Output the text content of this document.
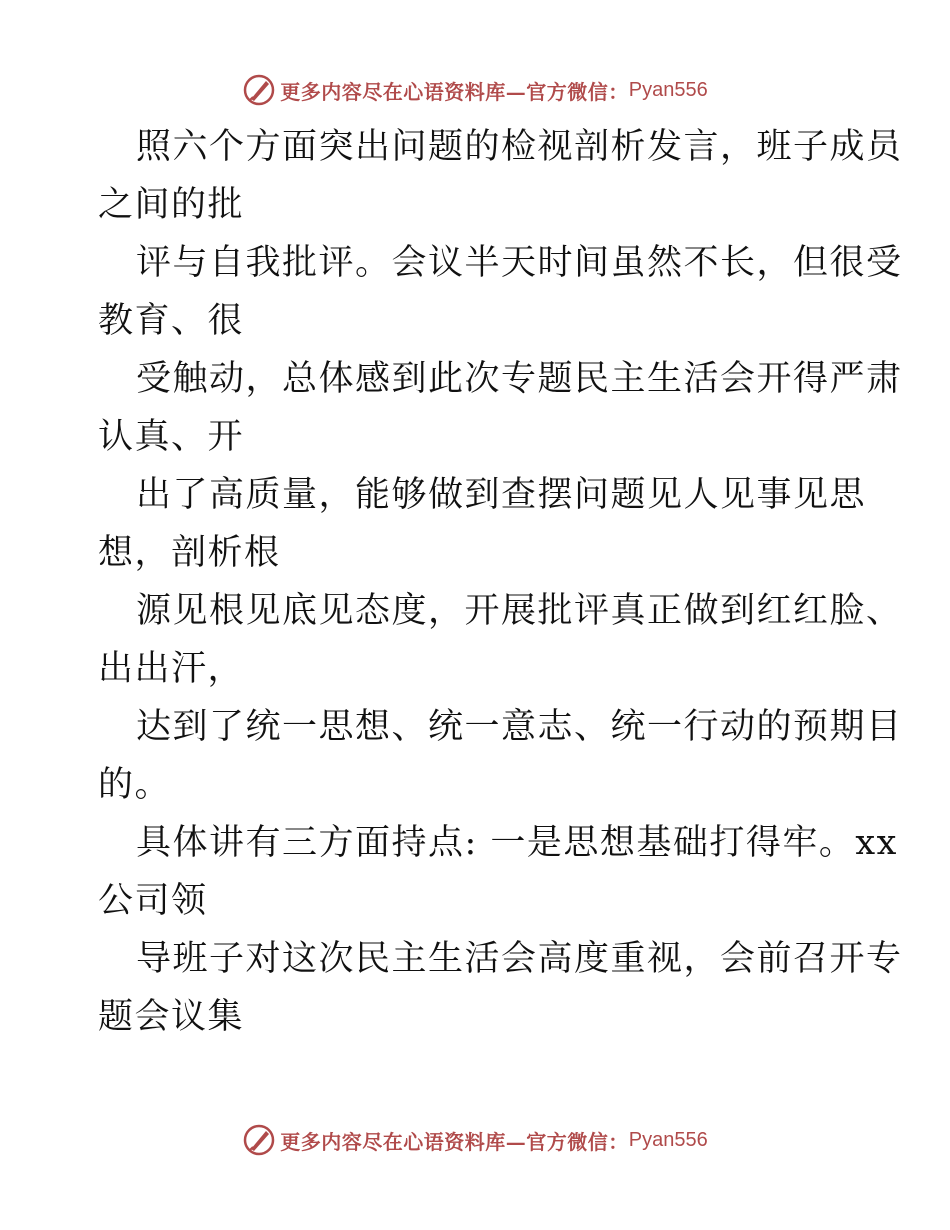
更多内容尽在心语资料库—官方微信： Pyan556
照六个方面突出问题的检视剖析发言，班子成员
之间的批
评与自我批评。会议半天时间虽然不长，但很受
教育、很
受触动，总体感到此次专题民主生活会开得严肃
认真、开
出了高质量，能够做到查摆问题见人见事见思
想，剖析根
源见根见底见态度，开展批评真正做到红红脸、
出出汗，
达到了统一思想、统一意志、统一行动的预期目
的。
具体讲有三方面持点: 一是思想基础打得牢。xx
公司领
导班子对这次民主生活会高度重视，会前召开专
题会议集
更多内容尽在心语资料库—官方微信： Pyan556
